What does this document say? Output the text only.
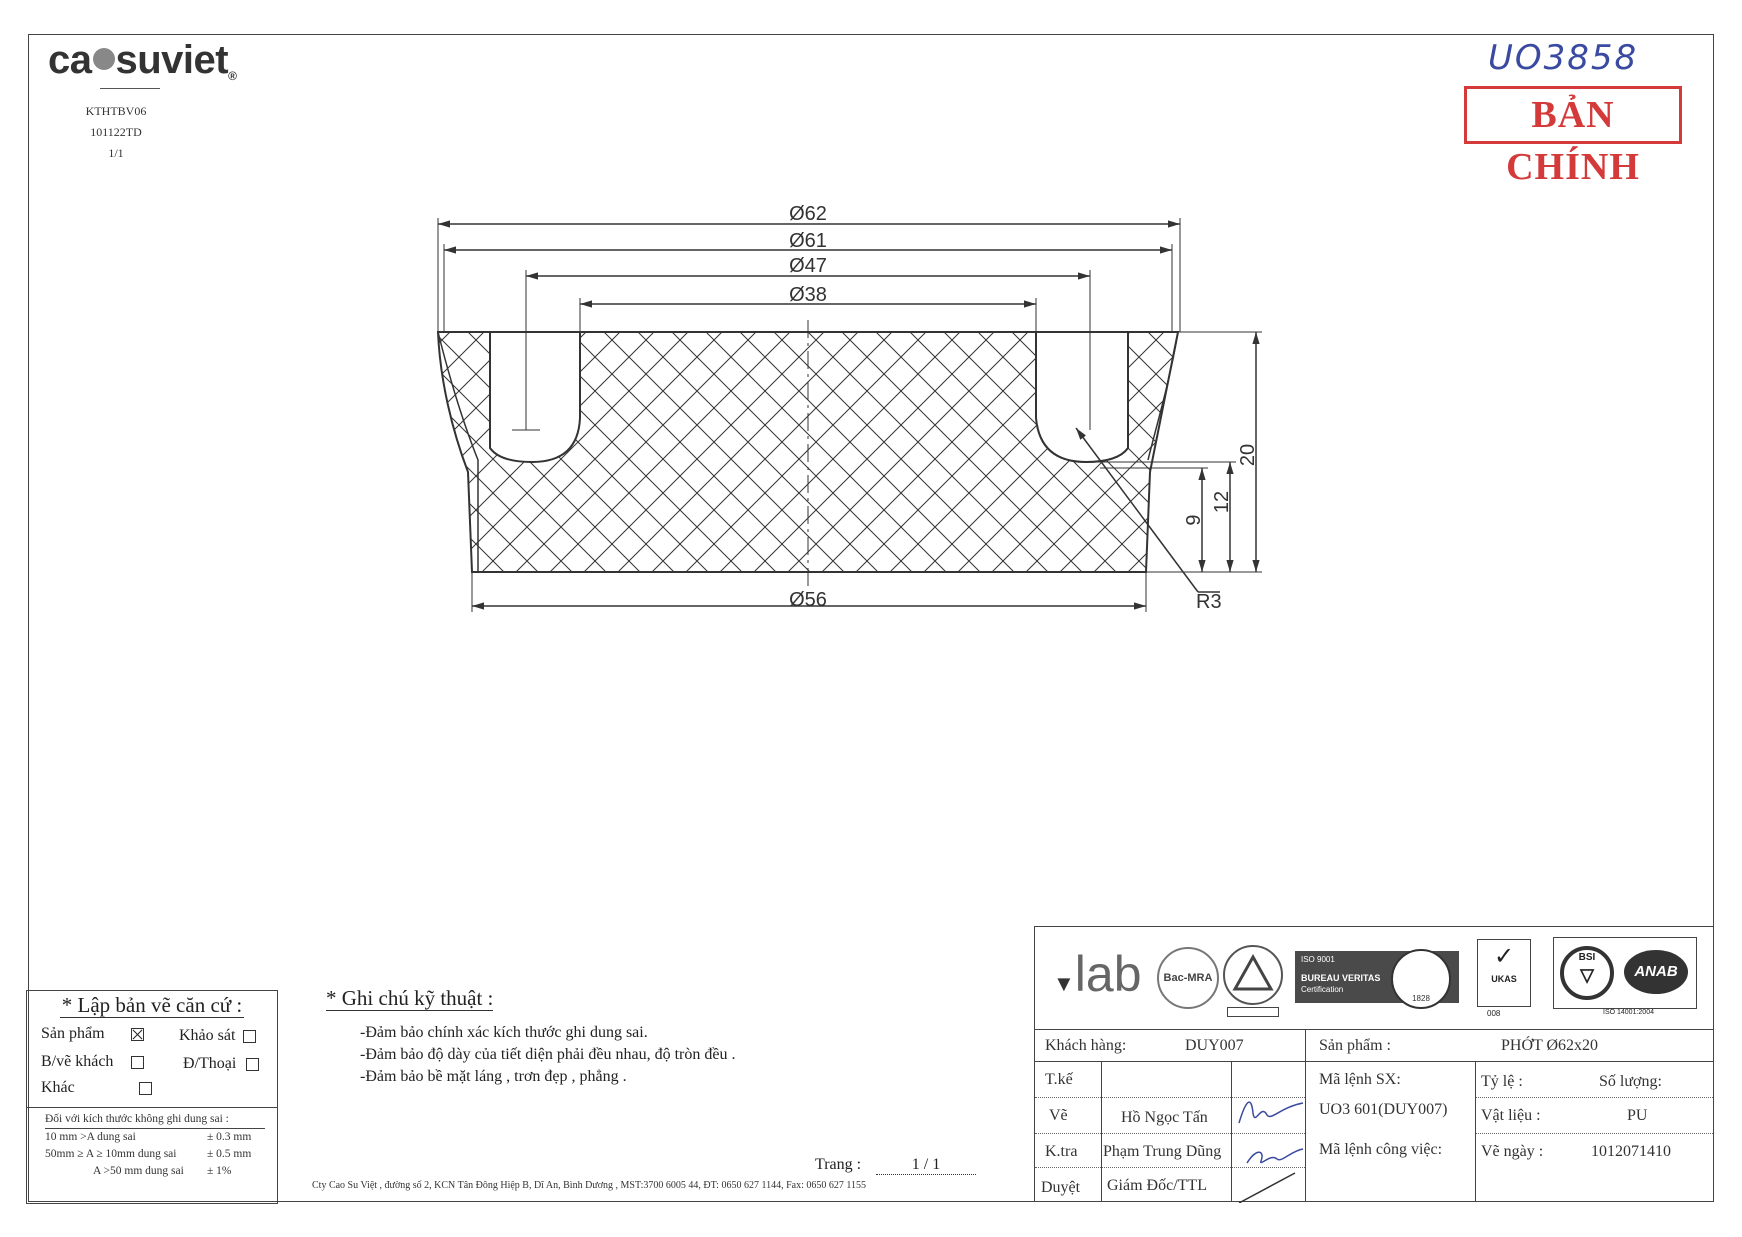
ca suviet®
KTHTBV06
101122TD
1/1
UO3858
BẢN CHÍNH
Ø62
Ø61
Ø47
Ø38
Ø56
20
12
9
R3
* Lập bản vẽ căn cứ :
Sản phẩm	Khảo sát
B/vẽ khách	Đ/Thoại
Khác
Đối với kích thước không ghi dung sai :
10 mm >A dung sai	± 0.3 mm
50mm ≥ A ≥ 10mm dung sai	± 0.5 mm
A >50 mm dung sai ± 1%
* Ghi chú kỹ thuật :
-Đảm bảo chính xác kích thước ghi dung sai.
-Đảm bảo độ dày của tiết diện phải đều nhau, độ tròn đều .
-Đảm bảo bề mặt láng , trơn đẹp , phẳng .
Trang :	1 / 1
Cty Cao Su Việt , đường số 2, KCN Tân Đông Hiệp B, Dĩ An, Bình Dương , MST:3700 6005 44, ĐT: 0650 627 1144, Fax: 0650 627 1155
▼lab	Bac-MRA
ISO 9001
BUREAU VERITAS
Certification
1828
✓
UKAS
008
BSI
▽	ANAB
ISO 14001:2004
Khách hàng:	DUY007	Sản phẩm :	PHỚT Ø62x20
T.kế
Vẽ	Hồ Ngọc Tấn
K.tra Phạm Trung Dũng
Duyệt Giám Đốc/TTL
Mã lệnh SX:
UO3 601(DUY007)
Mã lệnh công việc:
Tỷ lệ :	Số lượng:
Vật liệu :	PU
Vẽ ngày :	1012071410
